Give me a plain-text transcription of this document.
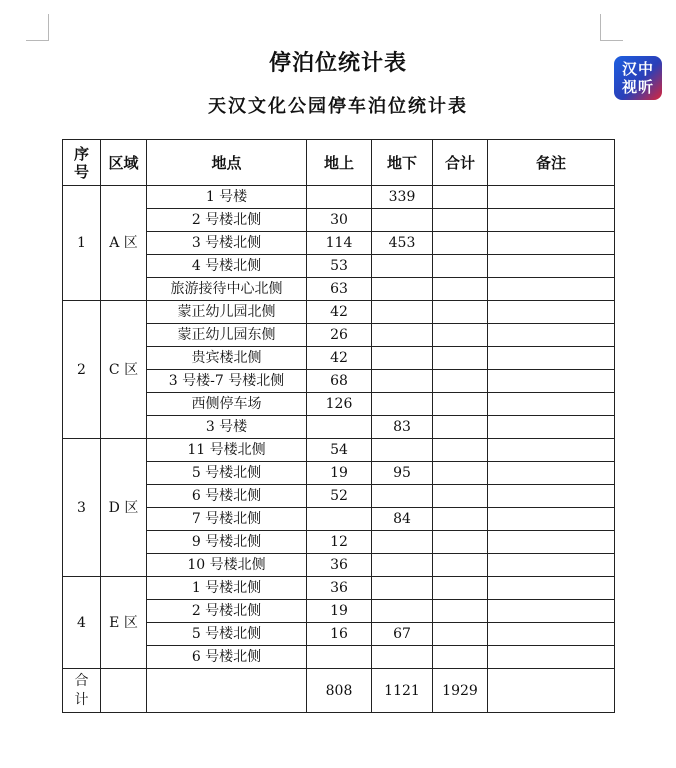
汉中
视听
停泊位统计表
天汉文化公园停车泊位统计表
序
号	区域	地点	地上	地下	合计	备注
1	A 区	1 号楼		339		
		2 号楼北侧	30			
		3 号楼北侧	114	453		
		4 号楼北侧	53			
		旅游接待中心北侧	63			
2	C 区	蒙正幼儿园北侧	42			
		蒙正幼儿园东侧	26			
		贵宾楼北侧	42			
		3 号楼-7 号楼北侧	68			
		西侧停车场	126			
		3 号楼		83		
3	D 区	11 号楼北侧	54			
		5 号楼北侧	19	95		
		6 号楼北侧	52			
		7 号楼北侧		84		
		9 号楼北侧	12			
		10 号楼北侧	36			
4	E 区	1 号楼北侧	36			
		2 号楼北侧	19			
		5 号楼北侧	16	67		
		6 号楼北侧				
合
计			808	1121	1929	
